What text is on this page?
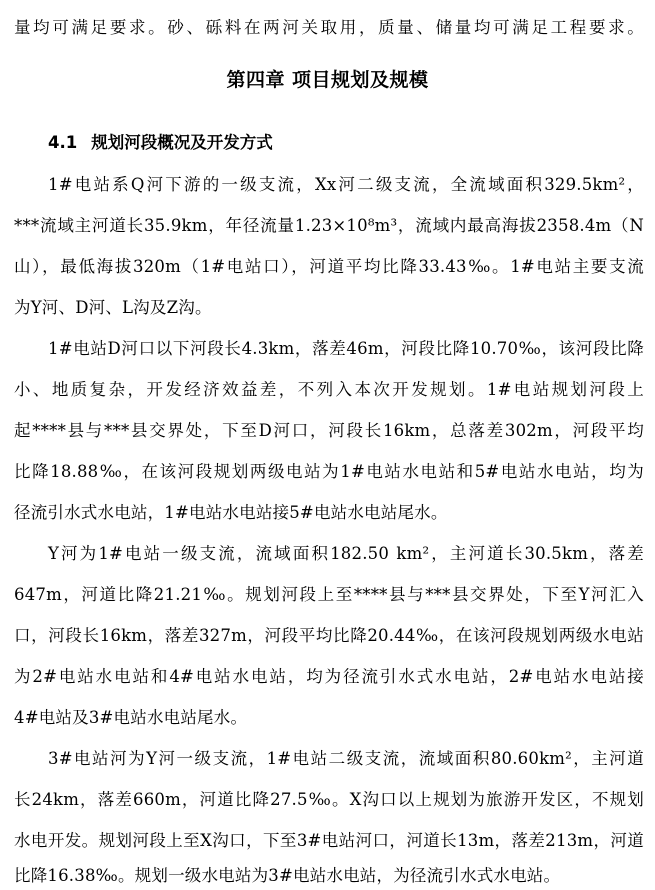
量均可满足要求。砂、砾料在两河关取用，质量、储量均可满足工程要求。
第四章 项目规划及规模
4.1 规划河段概况及开发方式
1#电站系Q河下游的一级支流，Xx河二级支流，全流域面积329.5km²，
***流域主河道长35.9km，年径流量1.23×10⁸m³，流域内最高海拔2358.4m（N
山），最低海拔320m（1#电站口），河道平均比降33.43‰。1#电站主要支流
为Y河、D河、L沟及Z沟。
1#电站D河口以下河段长4.3km，落差46m，河段比降10.70‰，该河段比降
小、地质复杂，开发经济效益差，不列入本次开发规划。1#电站规划河段上
起****县与***县交界处，下至D河口，河段长16km，总落差302m，河段平均
比降18.88‰，在该河段规划两级电站为1#电站水电站和5#电站水电站，均为
径流引水式水电站，1#电站水电站接5#电站水电站尾水。
Y河为1#电站一级支流，流域面积182.50 km²，主河道长30.5km，落差
647m，河道比降21.21‰。规划河段上至****县与***县交界处，下至Y河汇入
口，河段长16km，落差327m，河段平均比降20.44‰，在该河段规划两级水电站
为2#电站水电站和4#电站水电站，均为径流引水式水电站，2#电站水电站接
4#电站及3#电站水电站尾水。
3#电站河为Y河一级支流，1#电站二级支流，流域面积80.60km²，主河道
长24km，落差660m，河道比降27.5‰。X沟口以上规划为旅游开发区，不规划
水电开发。规划河段上至X沟口，下至3#电站河口，河道长13m，落差213m，河道
比降16.38‰。规划一级水电站为3#电站水电站，为径流引水式水电站。
